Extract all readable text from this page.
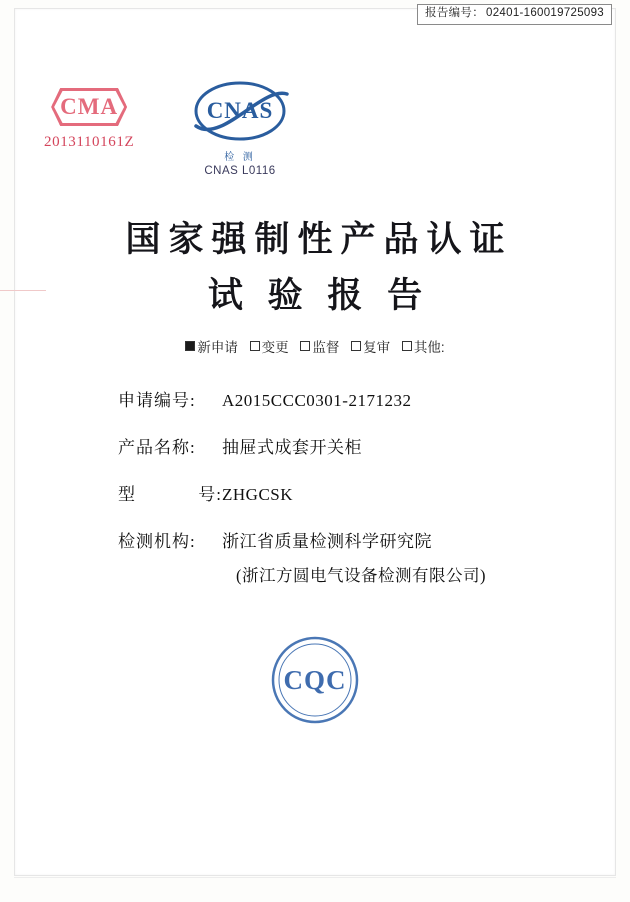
报告编号： 02401-160019725093
CMA
2013110161Z
CNAS
检 测
CNAS L0116
国家强制性产品认证
试 验 报 告
新申请 变更 监督 复审 其他:
申请编号:	A2015CCC0301-2171232
产品名称:	抽屉式成套开关柜
型	号: ZHGCSK
检测机构:	浙江省质量检测科学研究院
(浙江方圆电气设备检测有限公司)
CQC
